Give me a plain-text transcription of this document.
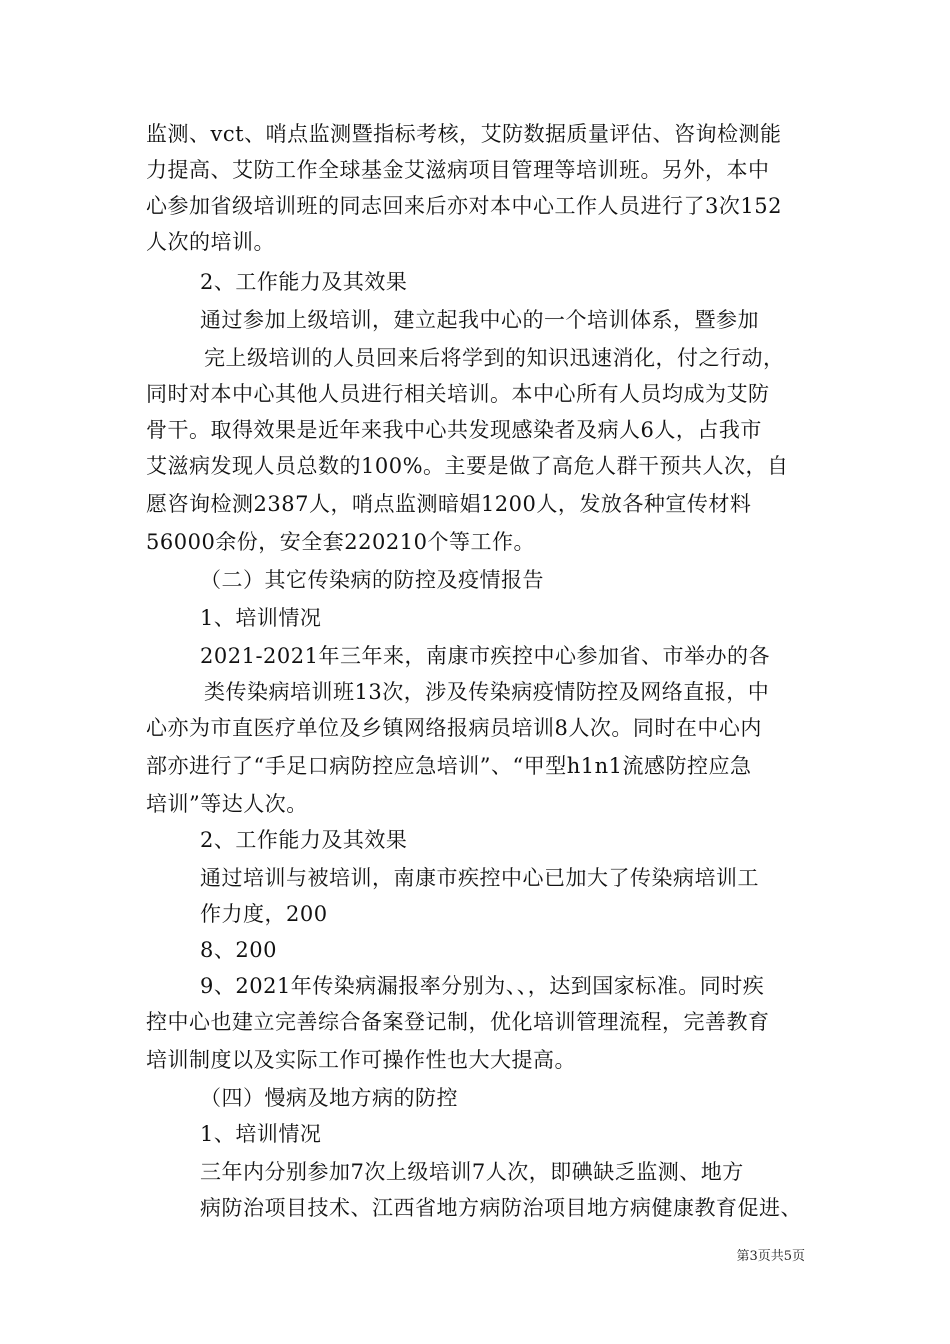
监测、vct、哨点监测暨指标考核，艾防数据质量评估、咨询检测能
力提高、艾防工作全球基金艾滋病项目管理等培训班。另外，本中
心参加省级培训班的同志回来后亦对本中心工作人员进行了3次152
人次的培训。
2、工作能力及其效果
通过参加上级培训，建立起我中心的一个培训体系，暨参加
完上级培训的人员回来后将学到的知识迅速消化，付之行动，
同时对本中心其他人员进行相关培训。本中心所有人员均成为艾防
骨干。取得效果是近年来我中心共发现感染者及病人6人，占我市
艾滋病发现人员总数的100%。主要是做了高危人群干预共人次，自
愿咨询检测2387人，哨点监测暗娼1200人，发放各种宣传材料
56000余份，安全套220210个等工作。
（二）其它传染病的防控及疫情报告
1、培训情况
2021-2021年三年来，南康市疾控中心参加省、市举办的各
类传染病培训班13次，涉及传染病疫情防控及网络直报，中
心亦为市直医疗单位及乡镇网络报病员培训8人次。同时在中心内
部亦进行了“手足口病防控应急培训”、“甲型h1n1流感防控应急
培训”等达人次。
2、工作能力及其效果
通过培训与被培训，南康市疾控中心已加大了传染病培训工
作力度，200
8、200
9、2021年传染病漏报率分别为、、，达到国家标准。同时疾
控中心也建立完善综合备案登记制，优化培训管理流程，完善教育
培训制度以及实际工作可操作性也大大提高。
（四）慢病及地方病的防控
1、培训情况
三年内分别参加7次上级培训7人次，即碘缺乏监测、地方
病防治项目技术、江西省地方病防治项目地方病健康教育促进、
第3页共5页
